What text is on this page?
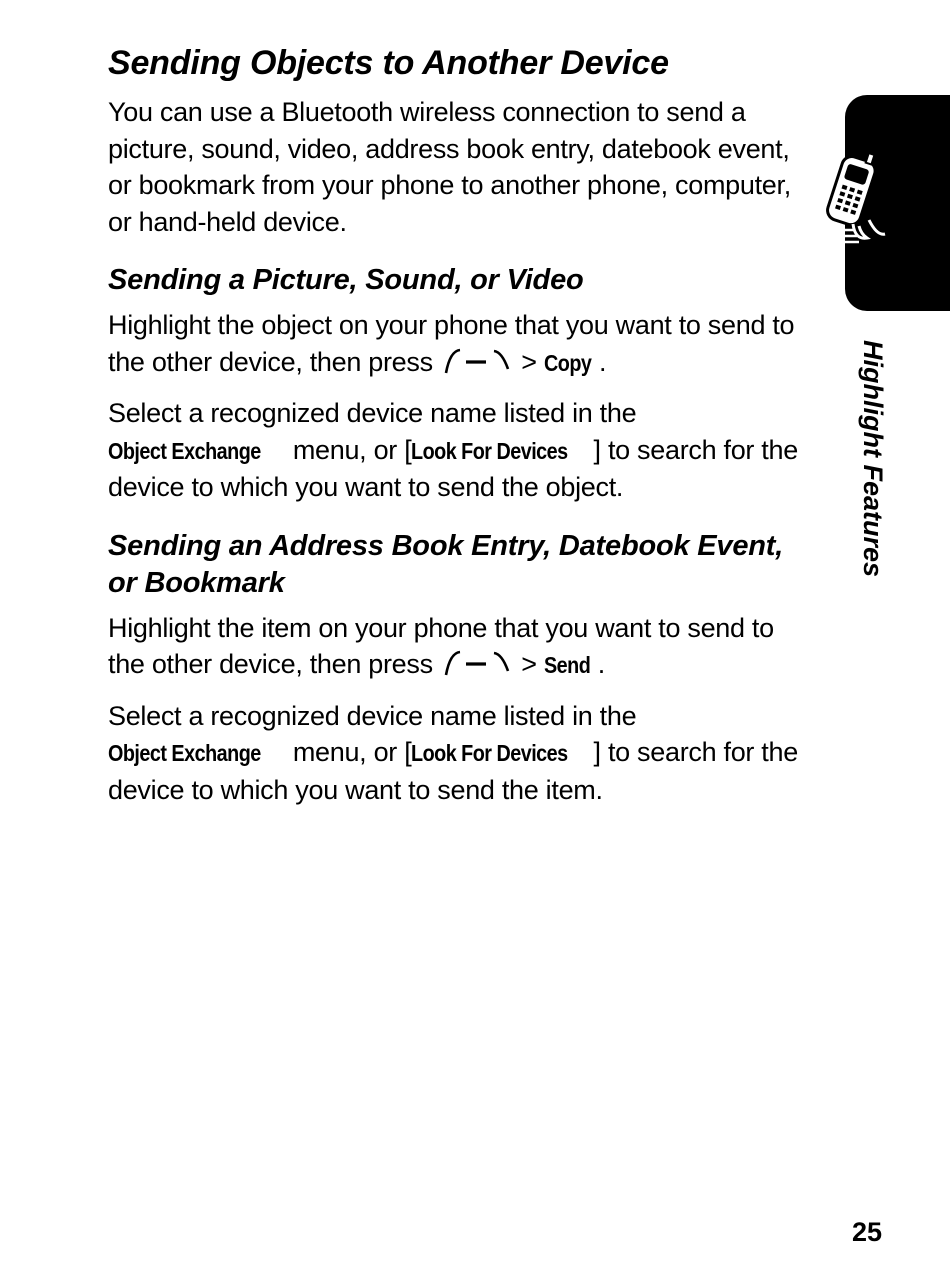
Sending Objects to Another Device

You can use a Bluetooth wireless connection to send a picture, sound, video, address book entry, datebook event, or bookmark from your phone to another phone, computer, or hand-held device.

Sending a Picture, Sound, or Video

Highlight the object on your phone that you want to send to the other device, then press	> Copy .

Select a recognized device name listed in the Object Exchange menu, or [Look For Devices ] to search for the device to which you want to send the object.

Sending an Address Book Entry, Datebook Event,
or Bookmark

Highlight the item on your phone that you want to send to the other device, then press	> Send .

Select a recognized device name listed in the Object Exchange menu, or [Look For Devices ] to search for the device to which you want to send the item.

Highlight Features
25
